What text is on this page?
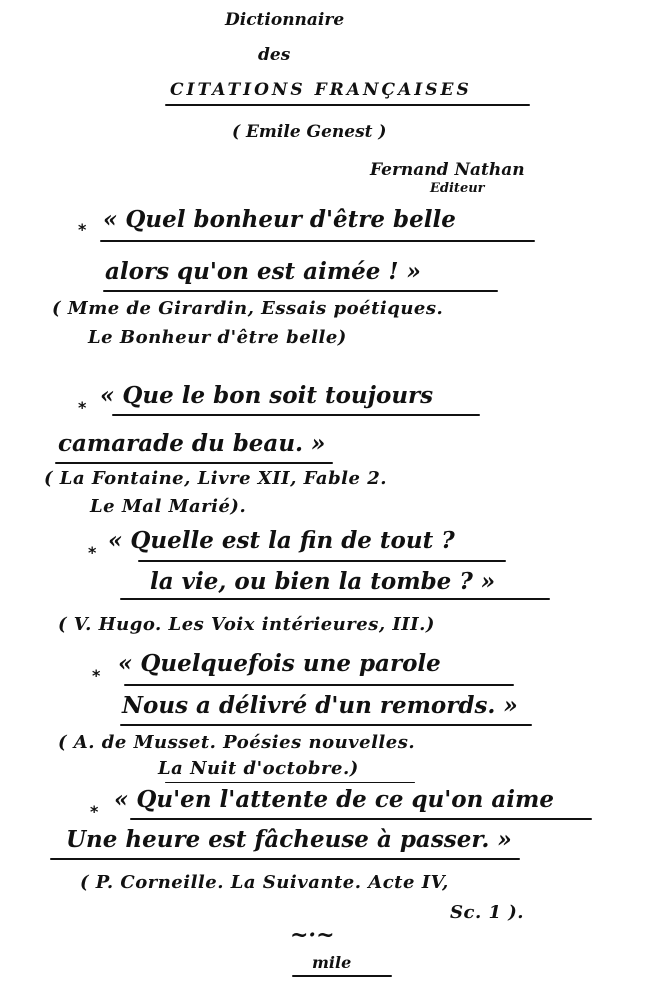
Dictionnaire
des
CITATIONS FRANÇAISES
( Emile Genest )
Fernand Nathan
Editeur
* « Quel bonheur d'être belle
alors qu'on est aimée ! »
( Mme de Girardin, Essais poétiques.
Le Bonheur d'être belle)
* « Que le bon soit toujours
camarade du beau. »
( La Fontaine, Livre XII, Fable 2.
Le Mal Marié).
* « Quelle est la fin de tout ?
la vie, ou bien la tombe ? »
( V. Hugo. Les Voix intérieures, III.)
* « Quelquefois une parole
Nous a délivré d'un remords. »
( A. de Musset. Poésies nouvelles.
La Nuit d'octobre.)
* « Qu'en l'attente de ce qu'on aime
Une heure est fâcheuse à passer. »
( P. Corneille. La Suivante. Acte IV,
Sc. 1 ).
~·~
mile
